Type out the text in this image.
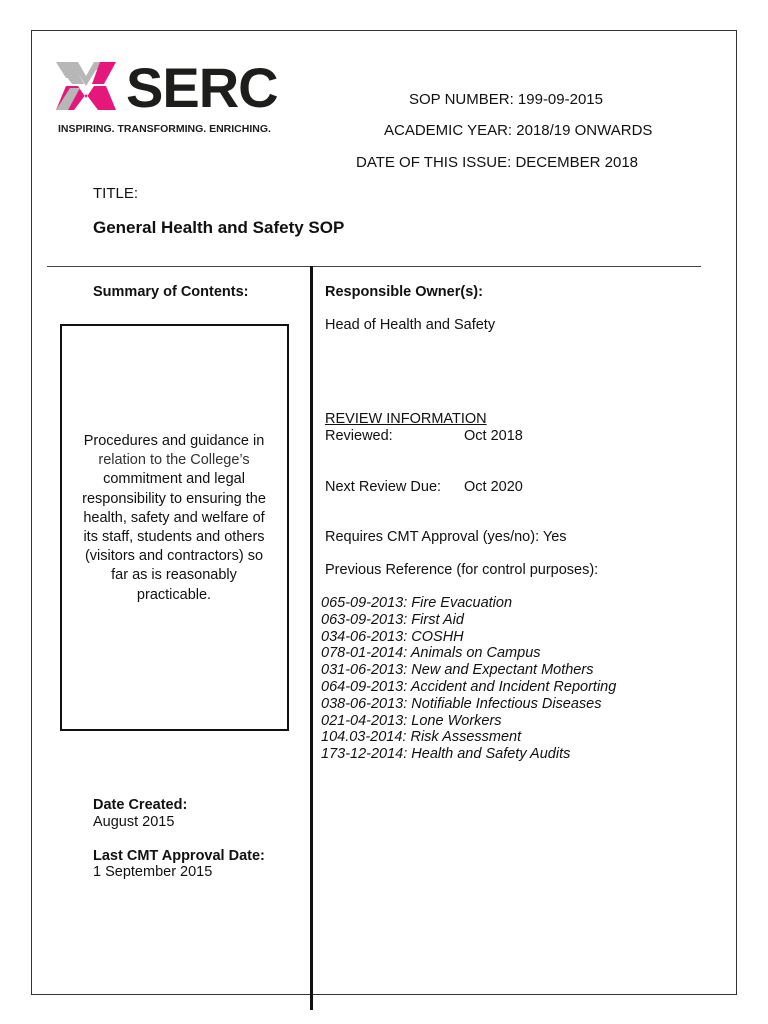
SERC
INSPIRING. TRANSFORMING. ENRICHING.
SOP NUMBER: 199-09-2015
ACADEMIC YEAR: 2018/19 ONWARDS
DATE OF THIS ISSUE: DECEMBER 2018
TITLE:
General Health and Safety SOP
Summary of Contents:
Procedures and guidance in
relation to the College’s
commitment and legal
responsibility to ensuring the
health, safety and welfare of
its staff, students and others
(visitors and contractors) so
far as is reasonably
practicable.
Date Created:
August 2015
Last CMT Approval Date:
1 September 2015
Responsible Owner(s):
Head of Health and Safety
REVIEW INFORMATION
Reviewed:	Oct 2018
Next Review Due: Oct 2020
Requires CMT Approval (yes/no): Yes
Previous Reference (for control purposes):
065-09-2013: Fire Evacuation
063-09-2013: First Aid
034-06-2013: COSHH
078-01-2014: Animals on Campus
031-06-2013: New and Expectant Mothers
064-09-2013: Accident and Incident Reporting
038-06-2013: Notifiable Infectious Diseases
021-04-2013: Lone Workers
104.03-2014: Risk Assessment
173-12-2014: Health and Safety Audits
